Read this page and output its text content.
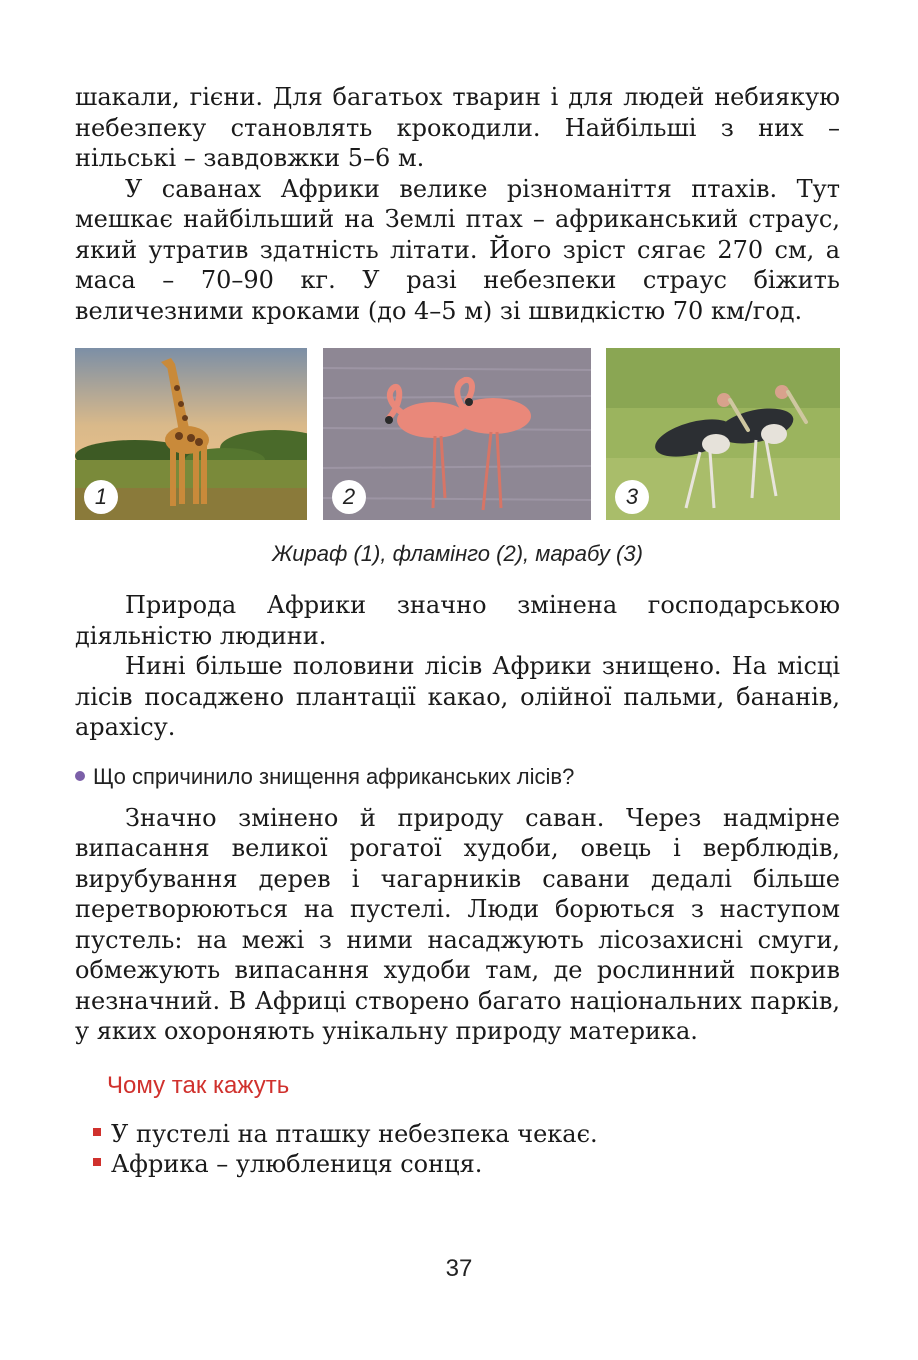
шакали, гієни. Для багатьох тварин і для людей небиякую небезпеку становлять крокодили. Найбільші з них – нільські – завдовжки 5–6 м.

У саванах Африки велике різноманіття птахів. Тут мешкає найбільший на Землі птах – африканський страус, який утратив здатність літати. Його зріст сягає 270 см, а маса – 70–90 кг. У разі небезпеки страус біжить величезними кроками (до 4–5 м) зі швидкістю 70 км/год.

1	2	3

Жираф (1), фламінго (2), марабу (3)

Природа Африки значно змінена господарською діяльністю людини.

Нині більше половини лісів Африки знищено. На місці лісів посаджено плантації какао, олійної пальми, бананів, арахісу.

Що спричинило знищення африканських лісів?

Значно змінено й природу саван. Через надмірне випасання великої рогатої худоби, овець і верблюдів, вирубування дерев і чагарників савани дедалі більше перетворюються на пустелі. Люди борються з наступом пустель: на межі з ними насаджують лісозахисні смуги, обмежують випасання худоби там, де рослинний покрив незначний. В Африці створено багато національних парків, у яких охороняють унікальну природу материка.

Чому так кажуть
У пустелі на пташку небезпека чекає.
Африка – улюблениця сонця.
37
